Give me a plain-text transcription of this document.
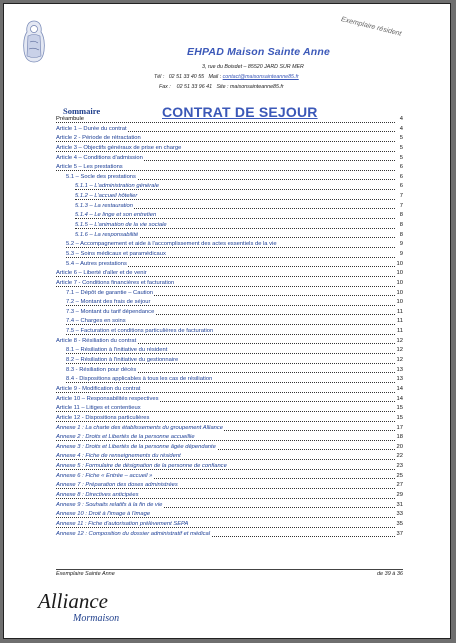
Exemplaire résident
EHPAD Maison Sainte Anne
3, rue du Boisdet – 85520 JARD SUR MER
Tél : 02 51 33 40 55 Mail : contact@maisonsainteanne85.fr
Fax : 02 51 33 96 41 Site : maisonsainteanne85.fr
Sommaire	CONTRAT DE SEJOUR
Préambule	4
Article 1 – Durée du contrat	4
Article 2 - Période de rétractation	5
Article 3 – Objectifs généraux de prise en charge	5
Article 4 – Conditions d'admission	5
Article 5 – Les prestations	6
5.1 – Socle des prestations	6
5.1.1 – L'administration générale	6
5.1.2 – L'accueil hôtelier	7
5.1.3 – La restauration	7
5.1.4 – Le linge et son entretien	8
5.1.5 – L'animation de la vie sociale	8
5.1.6 – La responsabilité	8
5.2 – Accompagnement et aide à l'accomplissement des actes essentiels de la vie	9
5.3 – Soins médicaux et paramédicaux	9
5.4 – Autres prestations	10
Article 6 – Liberté d'aller et de venir	10
Article 7 - Conditions financières et facturation	10
7.1 – Dépôt de garantie – Caution	10
7.2 – Montant des frais de séjour	10
7.3 – Montant du tarif dépendance	11
7.4 – Charges en soins	11
7.5 – Facturation et conditions particulières de facturation	11
Article 8 - Résiliation du contrat	12
8.1 – Résiliation à l'initiative du résident	12
8.2 – Résiliation à l'initiative du gestionnaire	12
8.3 - Résiliation pour décès	13
8.4 - Dispositions applicables à tous les cas de résiliation	13
Article 9 - Modification du contrat	14
Article 10 – Responsabilités respectives	14
Article 11 – Litiges et contentieux	15
Article 12 - Dispositions particulières	15
Annexe 1 : La charte des établissements du groupement Alliance	17
Annexe 2 : Droits et Libertés de la personne accueillie	18
Annexe 3 : Droits et Libertés de la personne âgée dépendante	20
Annexe 4 : Fiche de renseignements du résident	22
Annexe 5 : Formulaire de désignation de la personne de confiance	23
Annexe 6 : Fiche « Entrée – accueil »	25
Annexe 7 : Préparation des doses administrées	27
Annexe 8 : Directives anticipées	29
Annexe 9 : Souhaits relatifs à la fin de vie	31
Annexe 10 : Droit à l'image à l'image	33
Annexe 11 : Fiche d'autorisation prélèvement SEPA	35
Annexe 12 : Composition du dossier administratif et médical	37
Exemplaire Sainte Anne	de 39 à 36
Alliance
Mormaison
